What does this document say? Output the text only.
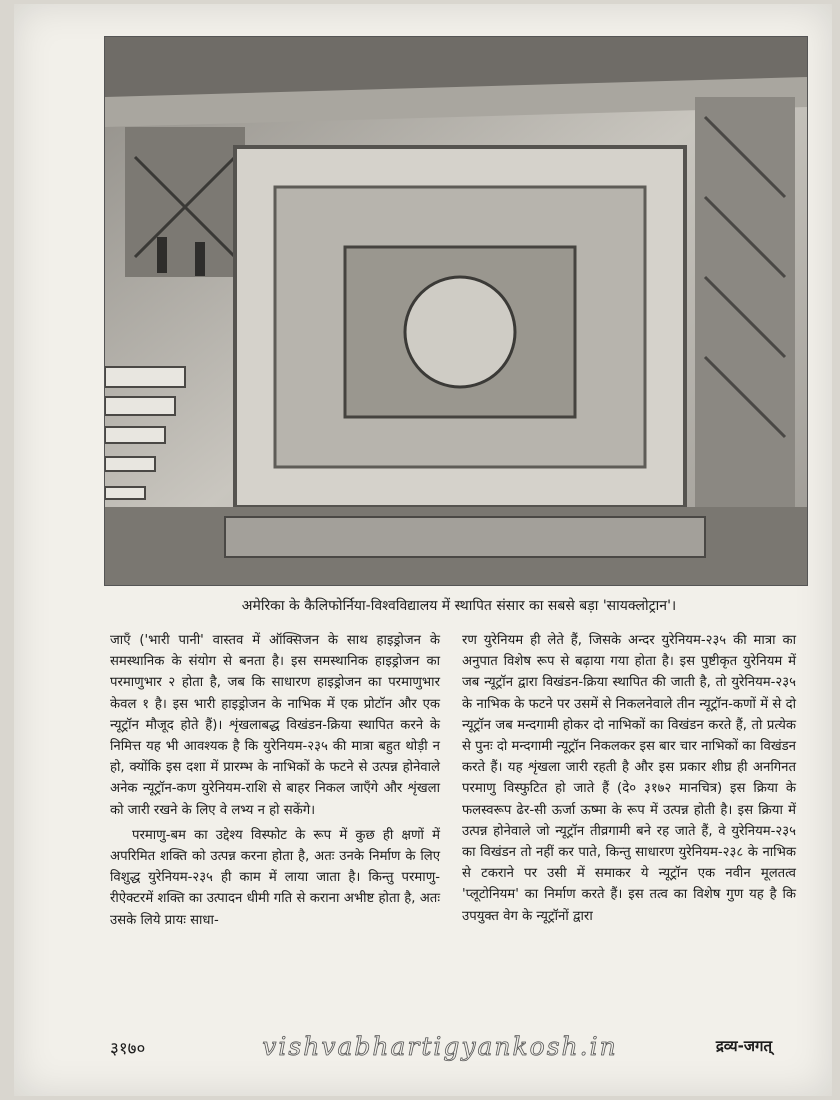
अमेरिका के कैलिफोर्निया-विश्वविद्यालय में स्थापित संसार का सबसे बड़ा 'सायक्लोट्रान'।

जाएँ ('भारी पानी' वास्तव में ऑक्सिजन के साथ हाइड्रोजन के समस्थानिक के संयोग से बनता है। इस समस्थानिक हाइड्रोजन का परमाणुभार २ होता है, जब कि साधारण हाइड्रोजन का परमाणुभार केवल १ है। इस भारी हाइड्रोजन के नाभिक में एक प्रोटॉन और एक न्यूट्रॉन मौजूद होते हैं)। शृंखलाबद्ध विखंडन-क्रिया स्थापित करने के निमित्त यह भी आवश्यक है कि युरेनियम-२३५ की मात्रा बहुत थोड़ी न हो, क्योंकि इस दशा में प्रारम्भ के नाभिकों के फटने से उत्पन्न होनेवाले अनेक न्यूट्रॉन-कण युरेनियम-राशि से बाहर निकल जाएँगे और शृंखला को जारी रखने के लिए वे लभ्य न हो सकेंगे।

परमाणु-बम का उद्देश्य विस्फोट के रूप में कुछ ही क्षणों में अपरिमित शक्ति को उत्पन्न करना होता है, अतः उनके निर्माण के लिए विशुद्ध युरेनियम-२३५ ही काम में लाया जाता है। किन्तु परमाणु-रीऐक्टरमें शक्ति का उत्पादन धीमी गति से कराना अभीष्ट होता है, अतः उसके लिये प्रायः साधा-

रण युरेनियम ही लेते हैं, जिसके अन्दर युरेनियम-२३५ की मात्रा का अनुपात विशेष रूप से बढ़ाया गया होता है। इस पुष्टीकृत युरेनियम में जब न्यूट्रॉन द्वारा विखंडन-क्रिया स्थापित की जाती है, तो युरेनियम-२३५ के नाभिक के फटने पर उसमें से निकलनेवाले तीन न्यूट्रॉन-कणों में से दो न्यूट्रॉन जब मन्दगामी होकर दो नाभिकों का विखंडन करते हैं, तो प्रत्येक से पुनः दो मन्दगामी न्यूट्रॉन निकलकर इस बार चार नाभिकों का विखंडन करते हैं। यह शृंखला जारी रहती है और इस प्रकार शीघ्र ही अनगिनत परमाणु विस्फुटित हो जाते हैं (दे० ३१७२ मानचित्र) इस क्रिया के फलस्वरूप ढेर-सी ऊर्जा ऊष्मा के रूप में उत्पन्न होती है। इस क्रिया में उत्पन्न होनेवाले जो न्यूट्रॉन तीव्रगामी बने रह जाते हैं, वे युरेनियम-२३५ का विखंडन तो नहीं कर पाते, किन्तु साधारण युरेनियम-२३८ के नाभिक से टकराने पर उसी में समाकर ये न्यूट्रॉन एक नवीन मूलतत्व 'प्लूटोनियम' का निर्माण करते हैं। इस तत्व का विशेष गुण यह है कि उपयुक्त वेग के न्यूट्रॉनों द्वारा

३१७०	vishvabhartigyankosh.in	द्रव्य-जगत्
